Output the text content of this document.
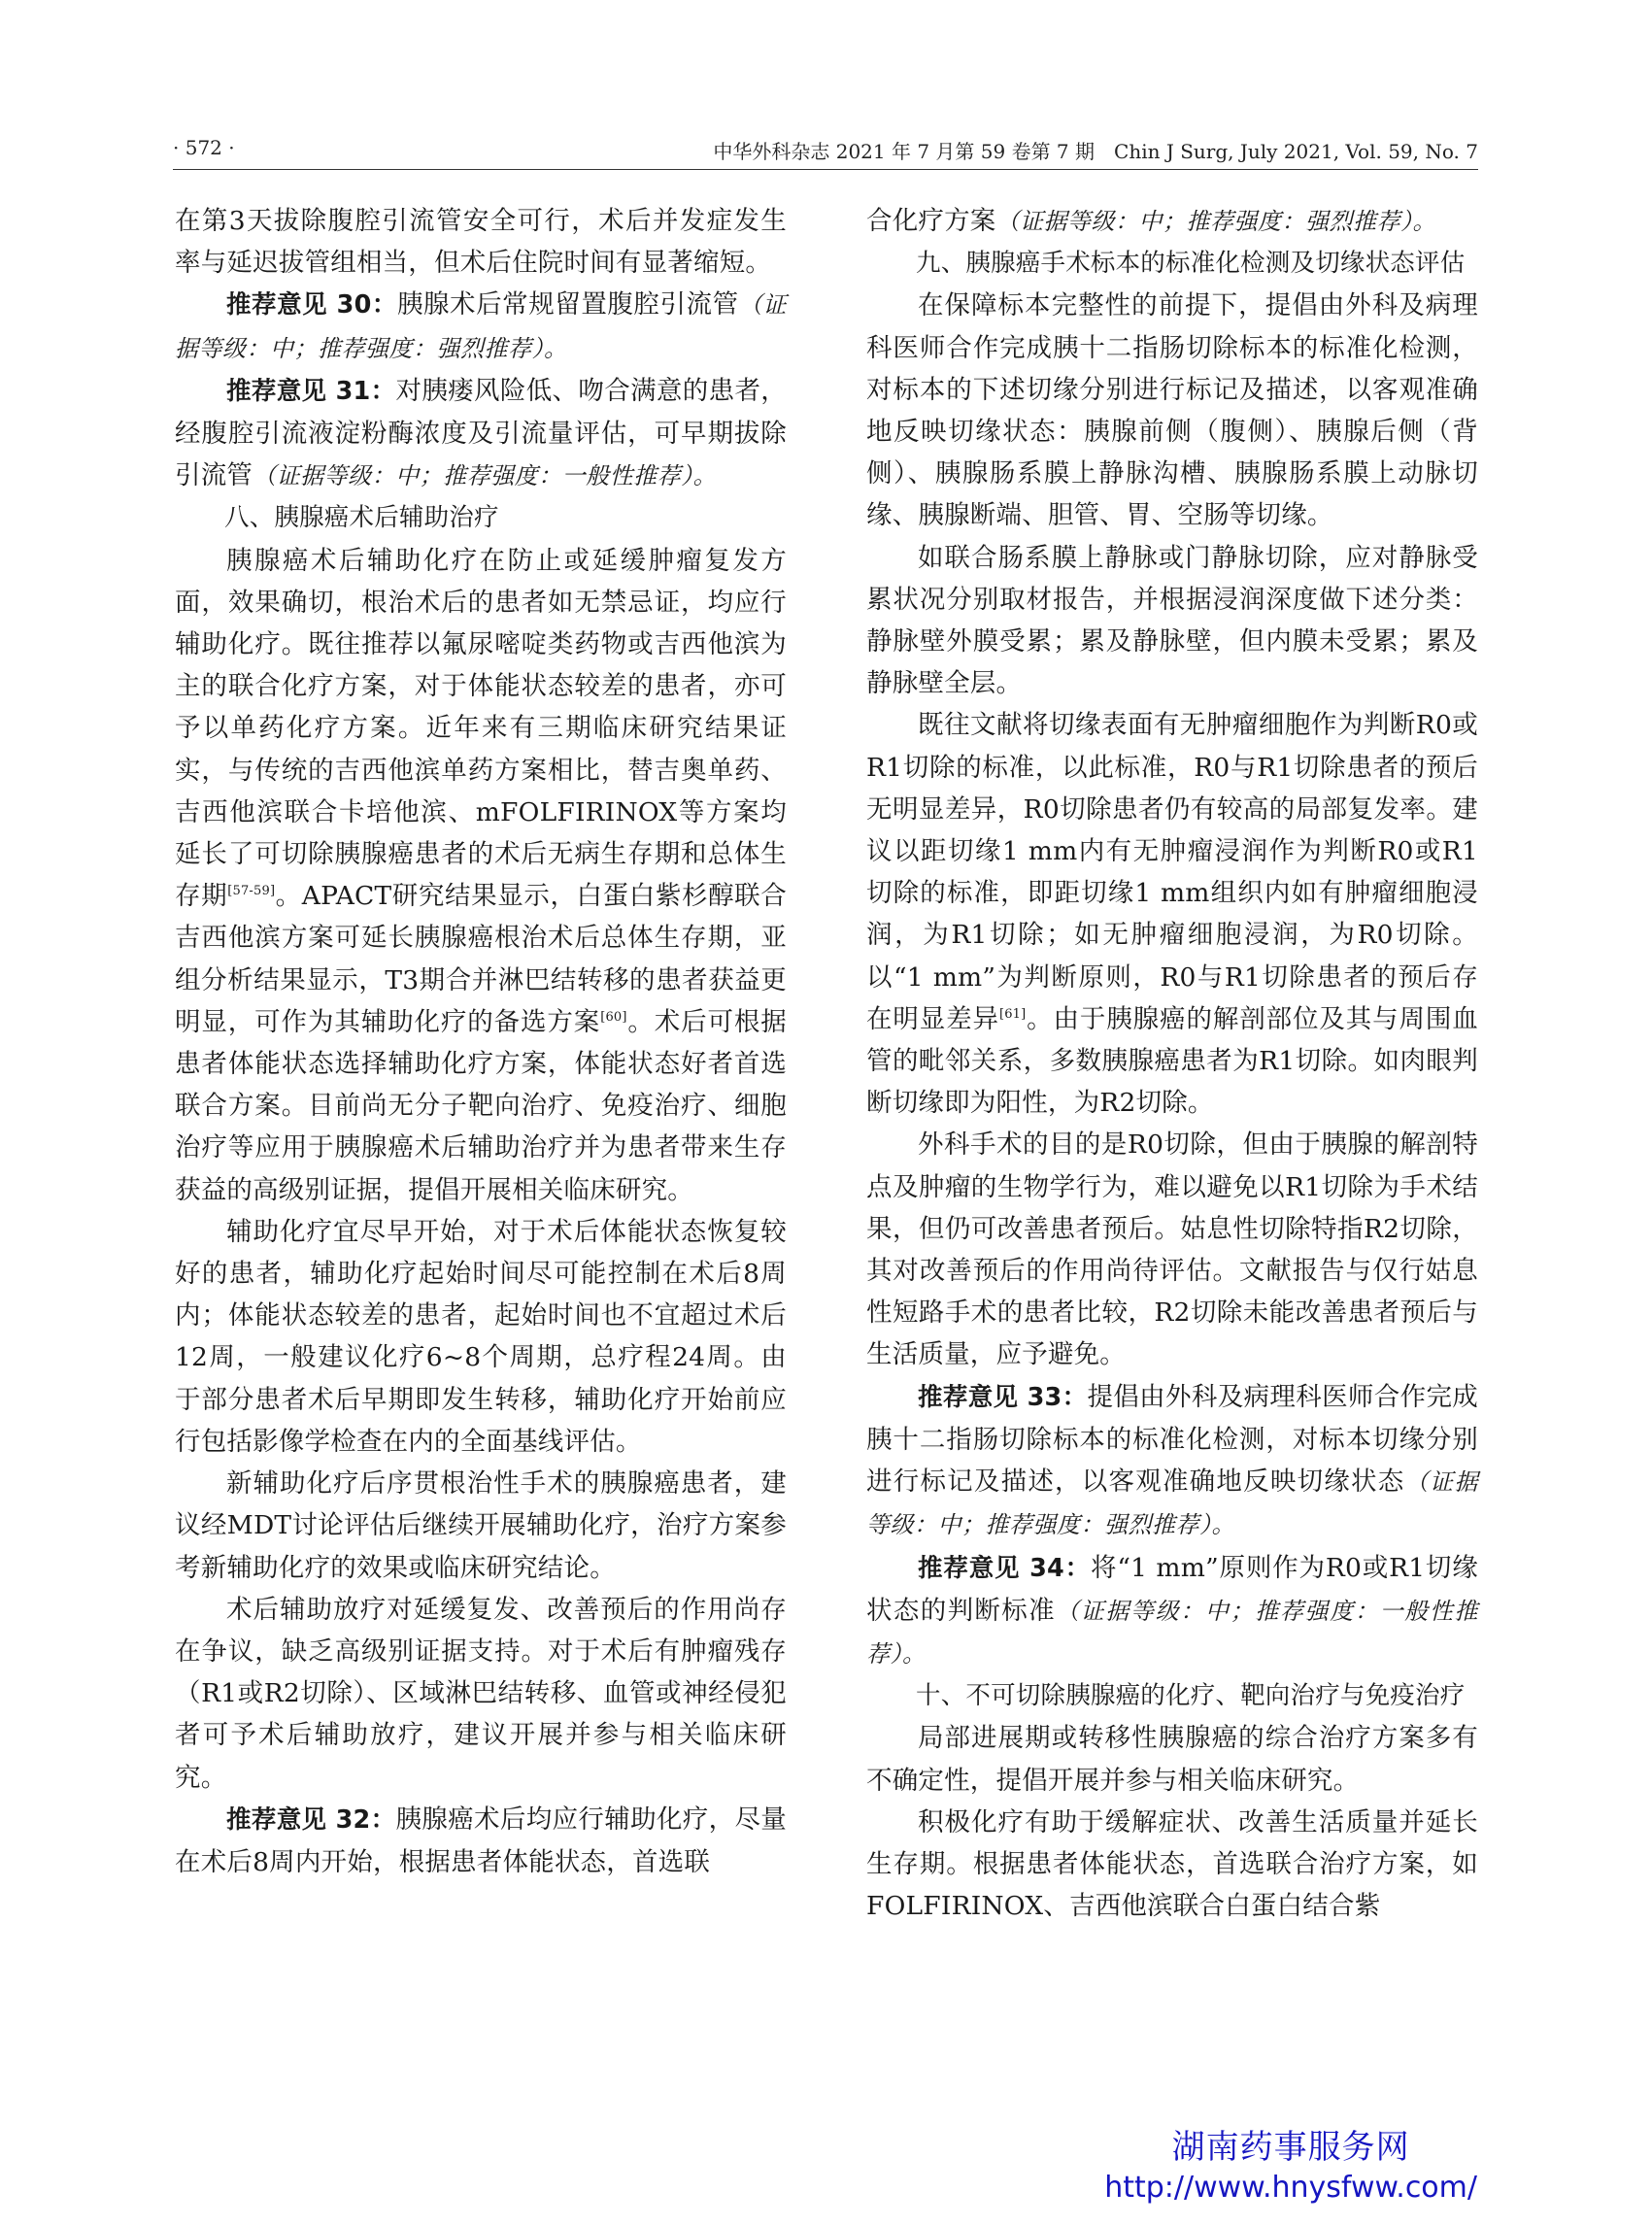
· 572 ·	中华外科杂志 2021 年 7 月第 59 卷第 7 期　Chin J Surg, July 2021, Vol. 59, No. 7

在第3天拔除腹腔引流管安全可行，术后并发症发生率与延迟拔管组相当，但术后住院时间有显著缩短。

推荐意见 30：胰腺术后常规留置腹腔引流管（证据等级：中；推荐强度：强烈推荐）。

推荐意见 31：对胰瘘风险低、吻合满意的患者，经腹腔引流液淀粉酶浓度及引流量评估，可早期拔除引流管（证据等级：中；推荐强度：一般性推荐）。

八、胰腺癌术后辅助治疗

胰腺癌术后辅助化疗在防止或延缓肿瘤复发方面，效果确切，根治术后的患者如无禁忌证，均应行辅助化疗。既往推荐以氟尿嘧啶类药物或吉西他滨为主的联合化疗方案，对于体能状态较差的患者，亦可予以单药化疗方案。近年来有三期临床研究结果证实，与传统的吉西他滨单药方案相比，替吉奥单药、吉西他滨联合卡培他滨、mFOLFIRINOX等方案均延长了可切除胰腺癌患者的术后无病生存期和总体生存期[57-59]。APACT研究结果显示，白蛋白紫杉醇联合吉西他滨方案可延长胰腺癌根治术后总体生存期，亚组分析结果显示，T3期合并淋巴结转移的患者获益更明显，可作为其辅助化疗的备选方案[60]。术后可根据患者体能状态选择辅助化疗方案，体能状态好者首选联合方案。目前尚无分子靶向治疗、免疫治疗、细胞治疗等应用于胰腺癌术后辅助治疗并为患者带来生存获益的高级别证据，提倡开展相关临床研究。

辅助化疗宜尽早开始，对于术后体能状态恢复较好的患者，辅助化疗起始时间尽可能控制在术后8周内；体能状态较差的患者，起始时间也不宜超过术后12周，一般建议化疗6~8个周期，总疗程24周。由于部分患者术后早期即发生转移，辅助化疗开始前应行包括影像学检查在内的全面基线评估。

新辅助化疗后序贯根治性手术的胰腺癌患者，建议经MDT讨论评估后继续开展辅助化疗，治疗方案参考新辅助化疗的效果或临床研究结论。

术后辅助放疗对延缓复发、改善预后的作用尚存在争议，缺乏高级别证据支持。对于术后有肿瘤残存（R1或R2切除）、区域淋巴结转移、血管或神经侵犯者可予术后辅助放疗，建议开展并参与相关临床研究。

推荐意见 32：胰腺癌术后均应行辅助化疗，尽量在术后8周内开始，根据患者体能状态，首选联

合化疗方案（证据等级：中；推荐强度：强烈推荐）。

九、胰腺癌手术标本的标准化检测及切缘状态评估

在保障标本完整性的前提下，提倡由外科及病理科医师合作完成胰十二指肠切除标本的标准化检测，对标本的下述切缘分别进行标记及描述，以客观准确地反映切缘状态：胰腺前侧（腹侧）、胰腺后侧（背侧）、胰腺肠系膜上静脉沟槽、胰腺肠系膜上动脉切缘、胰腺断端、胆管、胃、空肠等切缘。

如联合肠系膜上静脉或门静脉切除，应对静脉受累状况分别取材报告，并根据浸润深度做下述分类：静脉壁外膜受累；累及静脉壁，但内膜未受累；累及静脉壁全层。

既往文献将切缘表面有无肿瘤细胞作为判断R0或R1切除的标准，以此标准，R0与R1切除患者的预后无明显差异，R0切除患者仍有较高的局部复发率。建议以距切缘1 mm内有无肿瘤浸润作为判断R0或R1切除的标准，即距切缘1 mm组织内如有肿瘤细胞浸润，为R1切除；如无肿瘤细胞浸润，为R0切除。以“1 mm”为判断原则，R0与R1切除患者的预后存在明显差异[61]。由于胰腺癌的解剖部位及其与周围血管的毗邻关系，多数胰腺癌患者为R1切除。如肉眼判断切缘即为阳性，为R2切除。

外科手术的目的是R0切除，但由于胰腺的解剖特点及肿瘤的生物学行为，难以避免以R1切除为手术结果，但仍可改善患者预后。姑息性切除特指R2切除，其对改善预后的作用尚待评估。文献报告与仅行姑息性短路手术的患者比较，R2切除未能改善患者预后与生活质量，应予避免。

推荐意见 33：提倡由外科及病理科医师合作完成胰十二指肠切除标本的标准化检测，对标本切缘分别进行标记及描述，以客观准确地反映切缘状态（证据等级：中；推荐强度：强烈推荐）。

推荐意见 34：将“1 mm”原则作为R0或R1切缘状态的判断标准（证据等级：中；推荐强度：一般性推荐）。

十、不可切除胰腺癌的化疗、靶向治疗与免疫治疗

局部进展期或转移性胰腺癌的综合治疗方案多有不确定性，提倡开展并参与相关临床研究。

积极化疗有助于缓解症状、改善生活质量并延长生存期。根据患者体能状态，首选联合治疗方案，如FOLFIRINOX、吉西他滨联合白蛋白结合紫

湖南药事服务网
http://www.hnysfww.com/
